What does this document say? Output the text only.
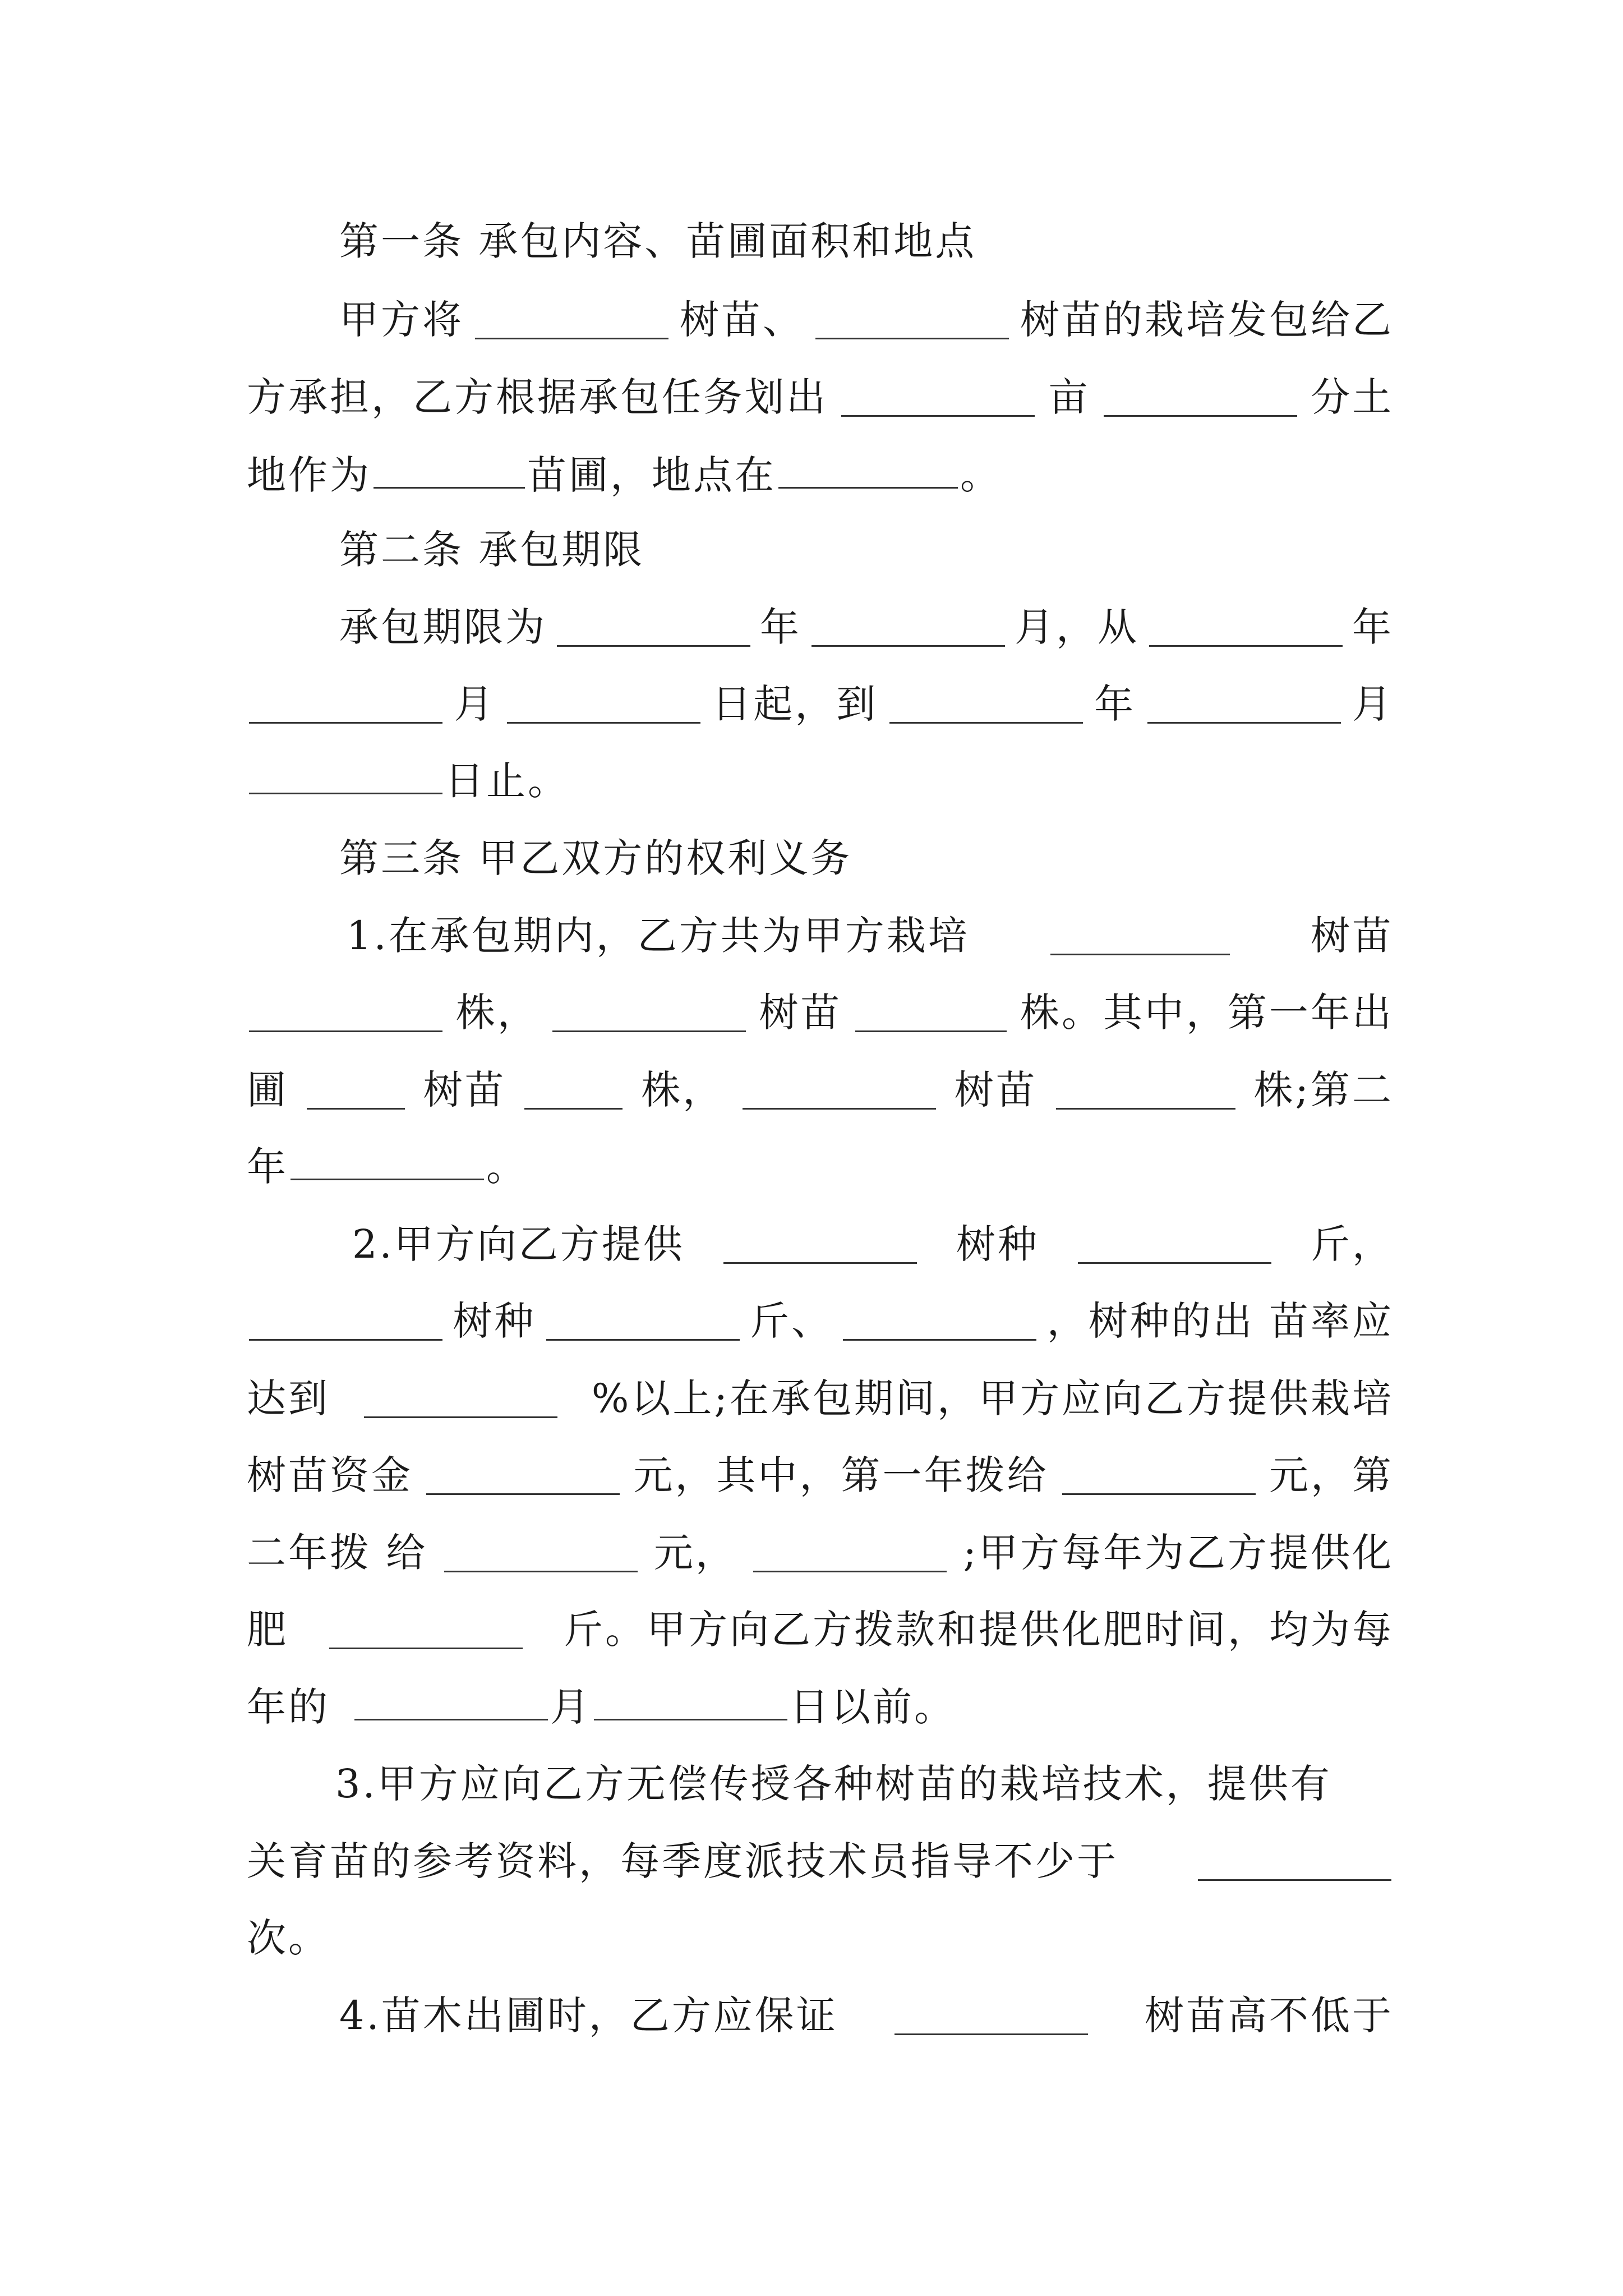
第一条 承包内容、苗圃面积和地点
甲方将	树苗、	树苗的栽培发包给乙
方承担，乙方根据承包任务划出	亩	分土
地作为	苗圃，地点在	。
第二条 承包期限
承包期限为	年	月，从	年
月	日起，到	年	月
日止。
第三条 甲乙双方的权利义务
1.在承包期内，乙方共为甲方栽培	树苗
株，	树苗	株。其中，第一年出
圃	树苗	株，	树苗	株;第二
年	。
2.甲方向乙方提供	树种	斤，
树种	斤、	，树种的出 苗率应
达到	%以上;在承包期间，甲方应向乙方提供栽培
树苗资金	元，其中，第一年拨给	元，第
二年拨 给	元，	;甲方每年为乙方提供化
肥	斤。甲方向乙方拨款和提供化肥时间，均为每
年的	月	日以前。
3.甲方应向乙方无偿传授各种树苗的栽培技术，提供有
关育苗的参考资料，每季度派技术员指导不少于
次。
4.苗木出圃时，乙方应保证	树苗高不低于
